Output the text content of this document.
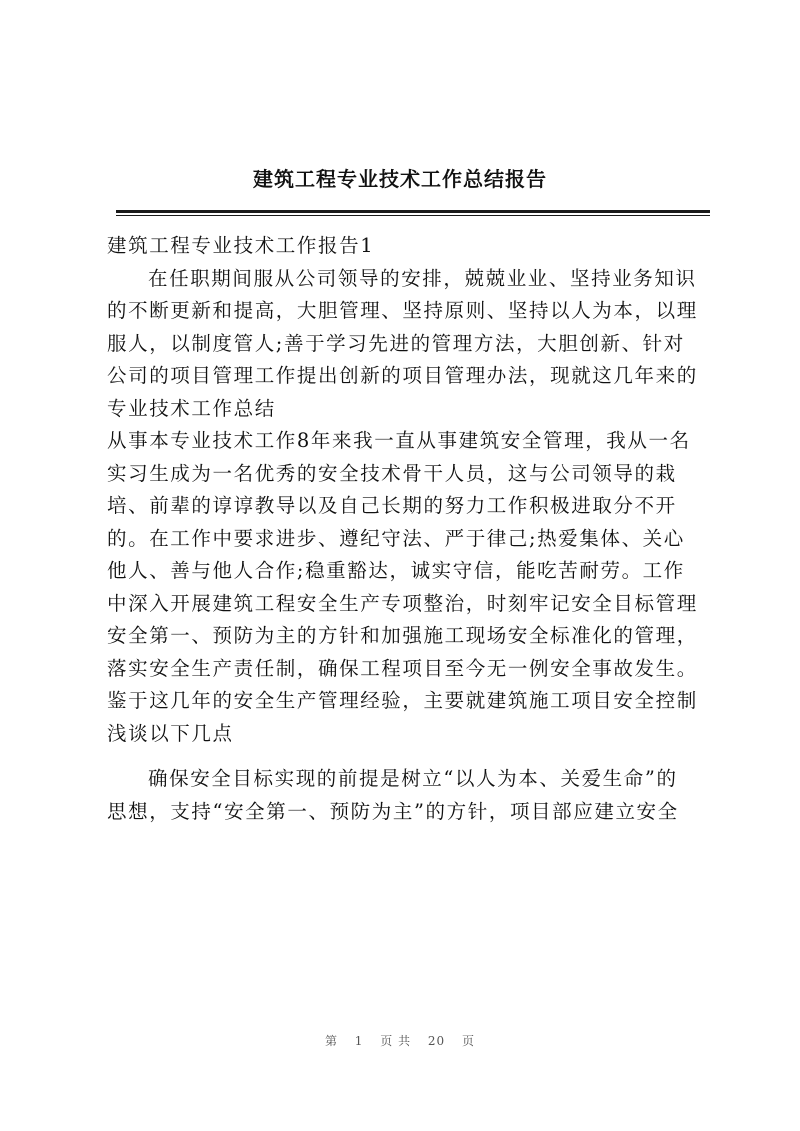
建筑工程专业技术工作总结报告
建筑工程专业技术工作报告1
在任职期间服从公司领导的安排，兢兢业业、坚持业务知识
的不断更新和提高，大胆管理、坚持原则、坚持以人为本，以理
服人，以制度管人;善于学习先进的管理方法，大胆创新、针对
公司的项目管理工作提出创新的项目管理办法，现就这几年来的
专业技术工作总结
从事本专业技术工作8年来我一直从事建筑安全管理，我从一名
实习生成为一名优秀的安全技术骨干人员，这与公司领导的栽
培、前辈的谆谆教导以及自己长期的努力工作积极进取分不开
的。在工作中要求进步、遵纪守法、严于律己;热爱集体、关心
他人、善与他人合作;稳重豁达，诚实守信，能吃苦耐劳。工作
中深入开展建筑工程安全生产专项整治，时刻牢记安全目标管理
安全第一、预防为主的方针和加强施工现场安全标准化的管理，
落实安全生产责任制，确保工程项目至今无一例安全事故发生。
鉴于这几年的安全生产管理经验，主要就建筑施工项目安全控制
浅谈以下几点
确保安全目标实现的前提是树立“以人为本、关爱生命”的
思想，支持“安全第一、预防为主”的方针，项目部应建立安全
第 1 页 共 20 页
